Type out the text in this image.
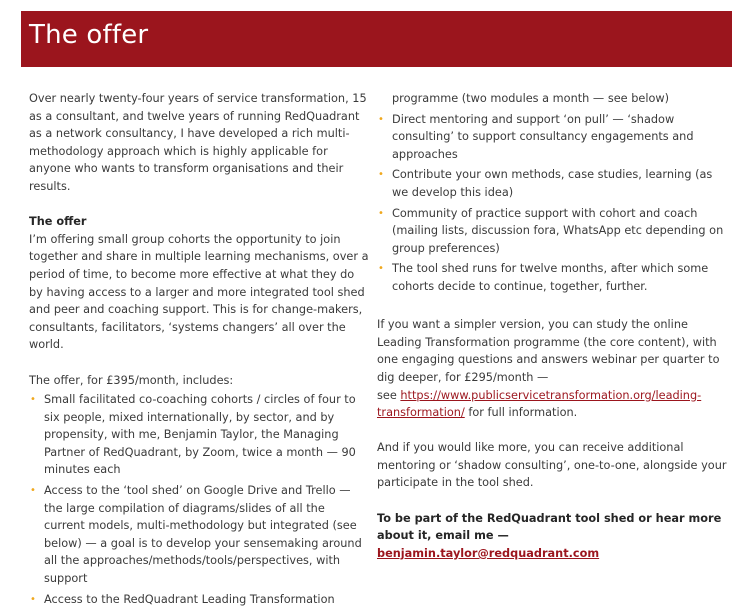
The offer

Over nearly twenty-four years of service transformation, 15 as a consultant, and twelve years of running RedQuadrant as a network consultancy, I have developed a rich multi-methodology approach which is highly applicable for anyone who wants to transform organisations and their results.

The offer

I’m offering small group cohorts the opportunity to join together and share in multiple learning mechanisms, over a period of time, to become more effective at what they do by having access to a larger and more integrated tool shed and peer and coaching support. This is for change-makers, consultants, facilitators, ‘systems changers’ all over the world.

The offer, for £395/month, includes:

• Small facilitated co-coaching cohorts / circles of four to six people, mixed internationally, by sector, and by propensity, with me, Benjamin Taylor, the Managing Partner of RedQuadrant, by Zoom, twice a month — 90 minutes each
• Access to the ‘tool shed’ on Google Drive and Trello — the large compilation of diagrams/slides of all the current models, multi-methodology but integrated (see below) — a goal is to develop your sensemaking around all the approaches/methods/tools/perspectives, with support
• Access to the RedQuadrant Leading Transformation

programme (two modules a month — see below)

• Direct mentoring and support ‘on pull’ — ‘shadow consulting’ to support consultancy engagements and approaches
• Contribute your own methods, case studies, learning (as we develop this idea)
• Community of practice support with cohort and coach (mailing lists, discussion fora, WhatsApp etc depending on group preferences)
• The tool shed runs for twelve months, after which some cohorts decide to continue, together, further.

If you want a simpler version, you can study the online Leading Transformation programme (the core content), with one engaging questions and answers webinar per quarter to dig deeper, for £295/month —
see https://www.publicservicetransformation.org/leading-transformation/ for full information.

And if you would like more, you can receive additional mentoring or ‘shadow consulting’, one-to-one, alongside your participate in the tool shed.

To be part of the RedQuadrant tool shed or hear more about it, email me — benjamin.taylor@redquadrant.com
